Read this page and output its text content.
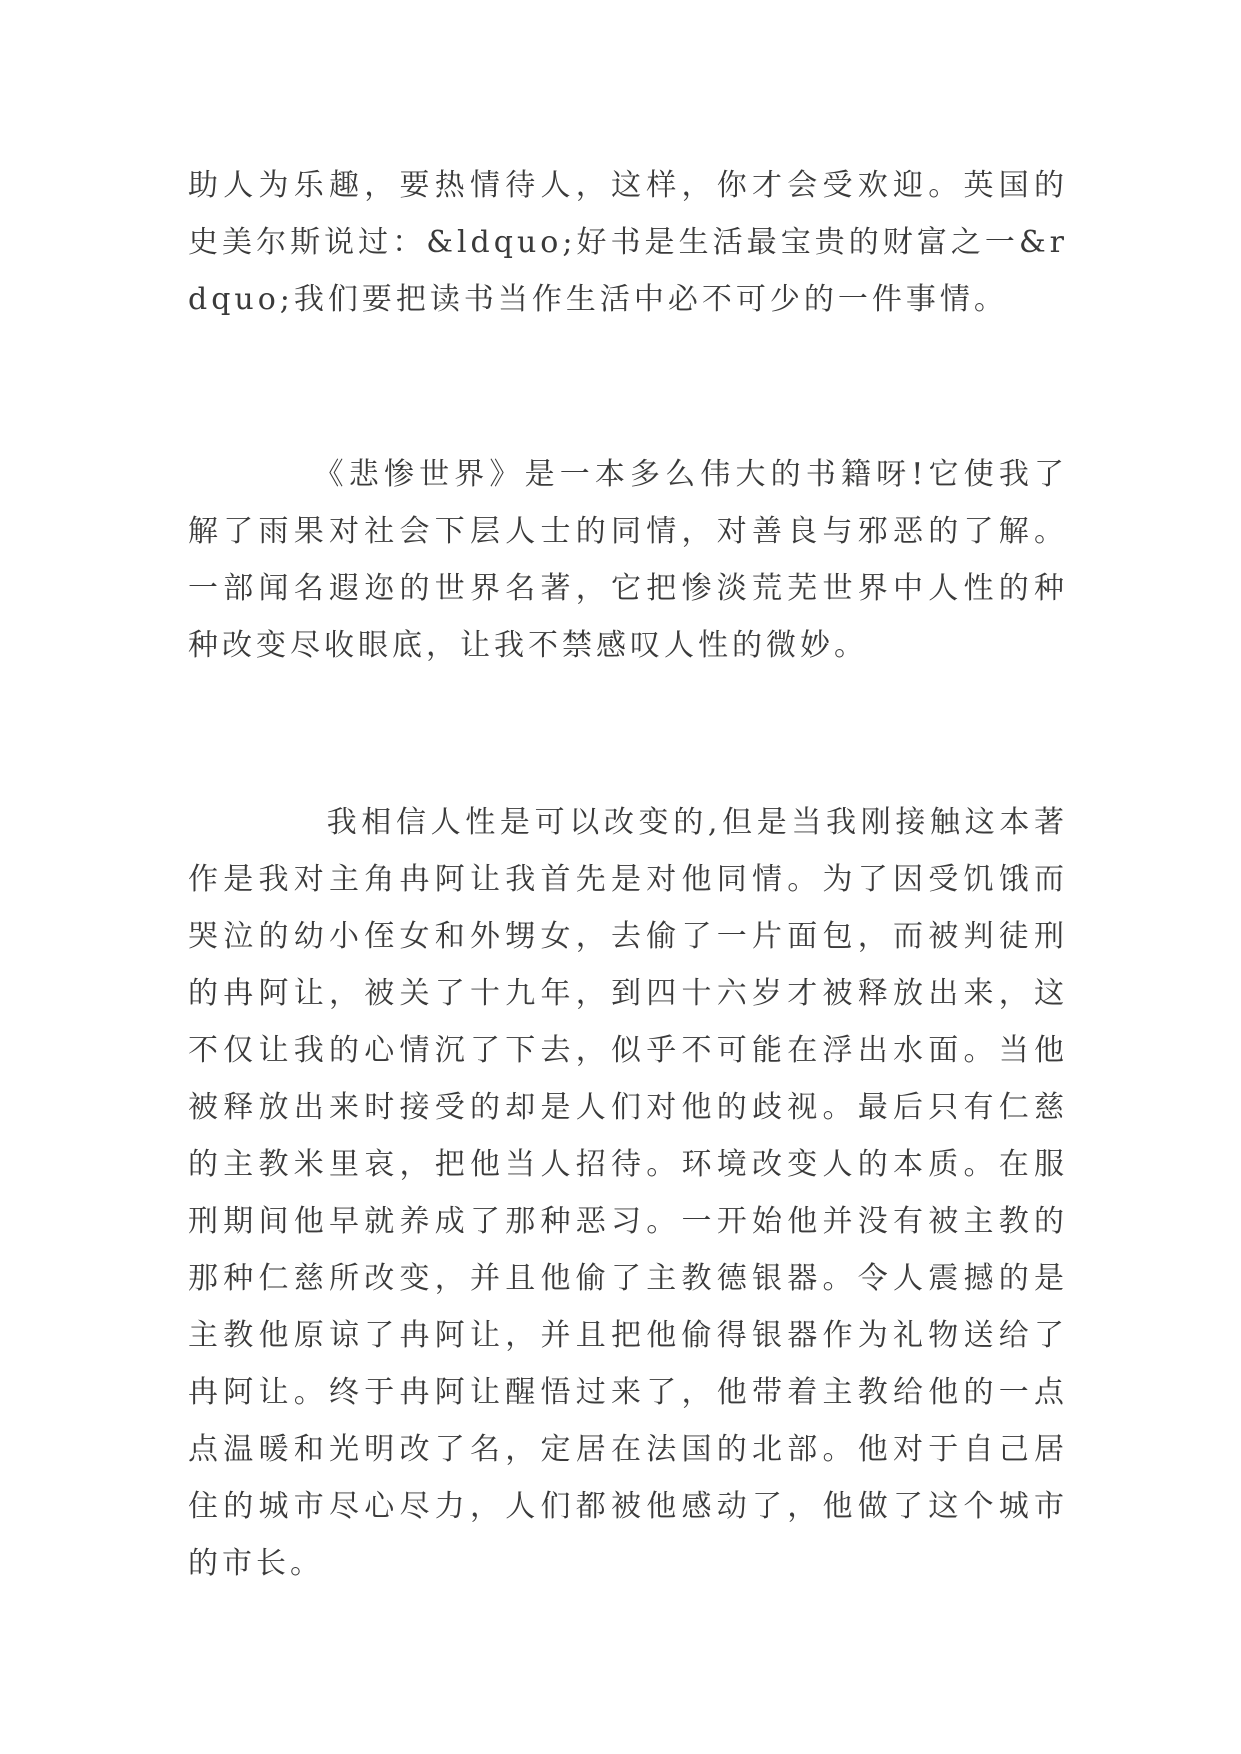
助人为乐趣，要热情待人，这样，你才会受欢迎。英国的史美尔斯说过：&ldquo;好书是生活最宝贵的财富之一&rdquo;我们要把读书当作生活中必不可少的一件事情。

　　　　《悲惨世界》是一本多么伟大的书籍呀!它使我了解了雨果对社会下层人士的同情，对善良与邪恶的了解。一部闻名遐迩的世界名著，它把惨淡荒芜世界中人性的种种改变尽收眼底，让我不禁感叹人性的微妙。

　　　　我相信人性是可以改变的,但是当我刚接触这本著作是我对主角冉阿让我首先是对他同情。为了因受饥饿而哭泣的幼小侄女和外甥女，去偷了一片面包，而被判徒刑的冉阿让，被关了十九年，到四十六岁才被释放出来，这不仅让我的心情沉了下去，似乎不可能在浮出水面。当他被释放出来时接受的却是人们对他的歧视。最后只有仁慈的主教米里哀，把他当人招待。环境改变人的本质。在服刑期间他早就养成了那种恶习。一开始他并没有被主教的那种仁慈所改变，并且他偷了主教德银器。令人震撼的是主教他原谅了冉阿让，并且把他偷得银器作为礼物送给了冉阿让。终于冉阿让醒悟过来了，他带着主教给他的一点点温暖和光明改了名，定居在法国的北部。他对于自己居住的城市尽心尽力，人们都被他感动了，他做了这个城市的市长。
